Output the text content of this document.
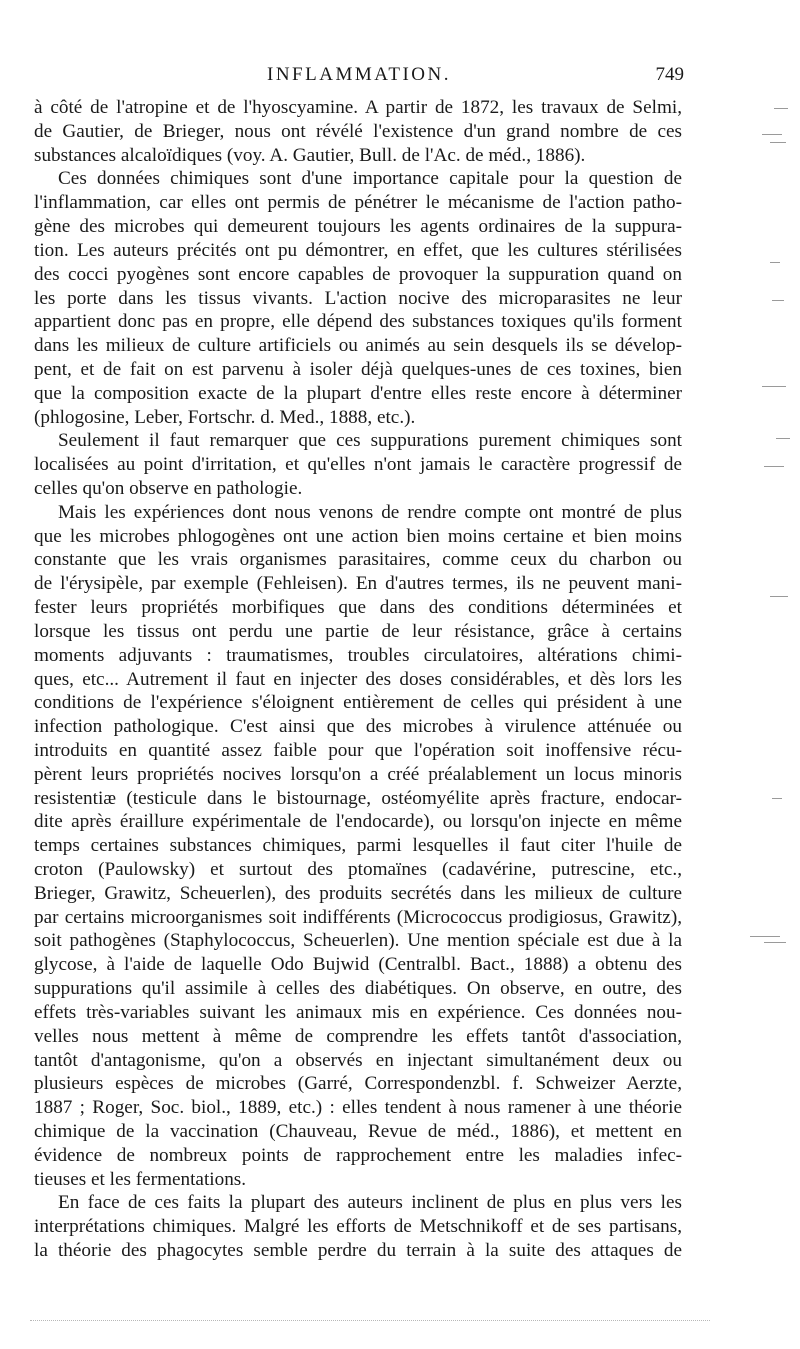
INFLAMMATION.	749
à côté de l'atropine et de l'hyoscyamine. A partir de 1872, les travaux de Selmi,
de Gautier, de Brieger, nous ont révélé l'existence d'un grand nombre de ces
substances alcaloïdiques (voy. A. Gautier, Bull. de l'Ac. de méd., 1886).
Ces données chimiques sont d'une importance capitale pour la question de
l'inflammation, car elles ont permis de pénétrer le mécanisme de l'action patho-
gène des microbes qui demeurent toujours les agents ordinaires de la suppura-
tion. Les auteurs précités ont pu démontrer, en effet, que les cultures stérilisées
des cocci pyogènes sont encore capables de provoquer la suppuration quand on
les porte dans les tissus vivants. L'action nocive des microparasites ne leur
appartient donc pas en propre, elle dépend des substances toxiques qu'ils forment
dans les milieux de culture artificiels ou animés au sein desquels ils se dévelop-
pent, et de fait on est parvenu à isoler déjà quelques-unes de ces toxines, bien
que la composition exacte de la plupart d'entre elles reste encore à déterminer
(phlogosine, Leber, Fortschr. d. Med., 1888, etc.).
Seulement il faut remarquer que ces suppurations purement chimiques sont
localisées au point d'irritation, et qu'elles n'ont jamais le caractère progressif de
celles qu'on observe en pathologie.
Mais les expériences dont nous venons de rendre compte ont montré de plus
que les microbes phlogogènes ont une action bien moins certaine et bien moins
constante que les vrais organismes parasitaires, comme ceux du charbon ou
de l'érysipèle, par exemple (Fehleisen). En d'autres termes, ils ne peuvent mani-
fester leurs propriétés morbifiques que dans des conditions déterminées et
lorsque les tissus ont perdu une partie de leur résistance, grâce à certains
moments adjuvants : traumatismes, troubles circulatoires, altérations chimi-
ques, etc... Autrement il faut en injecter des doses considérables, et dès lors les
conditions de l'expérience s'éloignent entièrement de celles qui président à une
infection pathologique. C'est ainsi que des microbes à virulence atténuée ou
introduits en quantité assez faible pour que l'opération soit inoffensive récu-
pèrent leurs propriétés nocives lorsqu'on a créé préalablement un locus minoris
resistentiæ (testicule dans le bistournage, ostéomyélite après fracture, endocar-
dite après éraillure expérimentale de l'endocarde), ou lorsqu'on injecte en même
temps certaines substances chimiques, parmi lesquelles il faut citer l'huile de
croton (Paulowsky) et surtout des ptomaïnes (cadavérine, putrescine, etc.,
Brieger, Grawitz, Scheuerlen), des produits secrétés dans les milieux de culture
par certains microorganismes soit indifférents (Micrococcus prodigiosus, Grawitz),
soit pathogènes (Staphylococcus, Scheuerlen). Une mention spéciale est due à la
glycose, à l'aide de laquelle Odo Bujwid (Centralbl. Bact., 1888) a obtenu des
suppurations qu'il assimile à celles des diabétiques. On observe, en outre, des
effets très-variables suivant les animaux mis en expérience. Ces données nou-
velles nous mettent à même de comprendre les effets tantôt d'association,
tantôt d'antagonisme, qu'on a observés en injectant simultanément deux ou
plusieurs espèces de microbes (Garré, Correspondenzbl. f. Schweizer Aerzte,
1887 ; Roger, Soc. biol., 1889, etc.) : elles tendent à nous ramener à une théorie
chimique de la vaccination (Chauveau, Revue de méd., 1886), et mettent en
évidence de nombreux points de rapprochement entre les maladies infec-
tieuses et les fermentations.
En face de ces faits la plupart des auteurs inclinent de plus en plus vers les
interprétations chimiques. Malgré les efforts de Metschnikoff et de ses partisans,
la théorie des phagocytes semble perdre du terrain à la suite des attaques de
